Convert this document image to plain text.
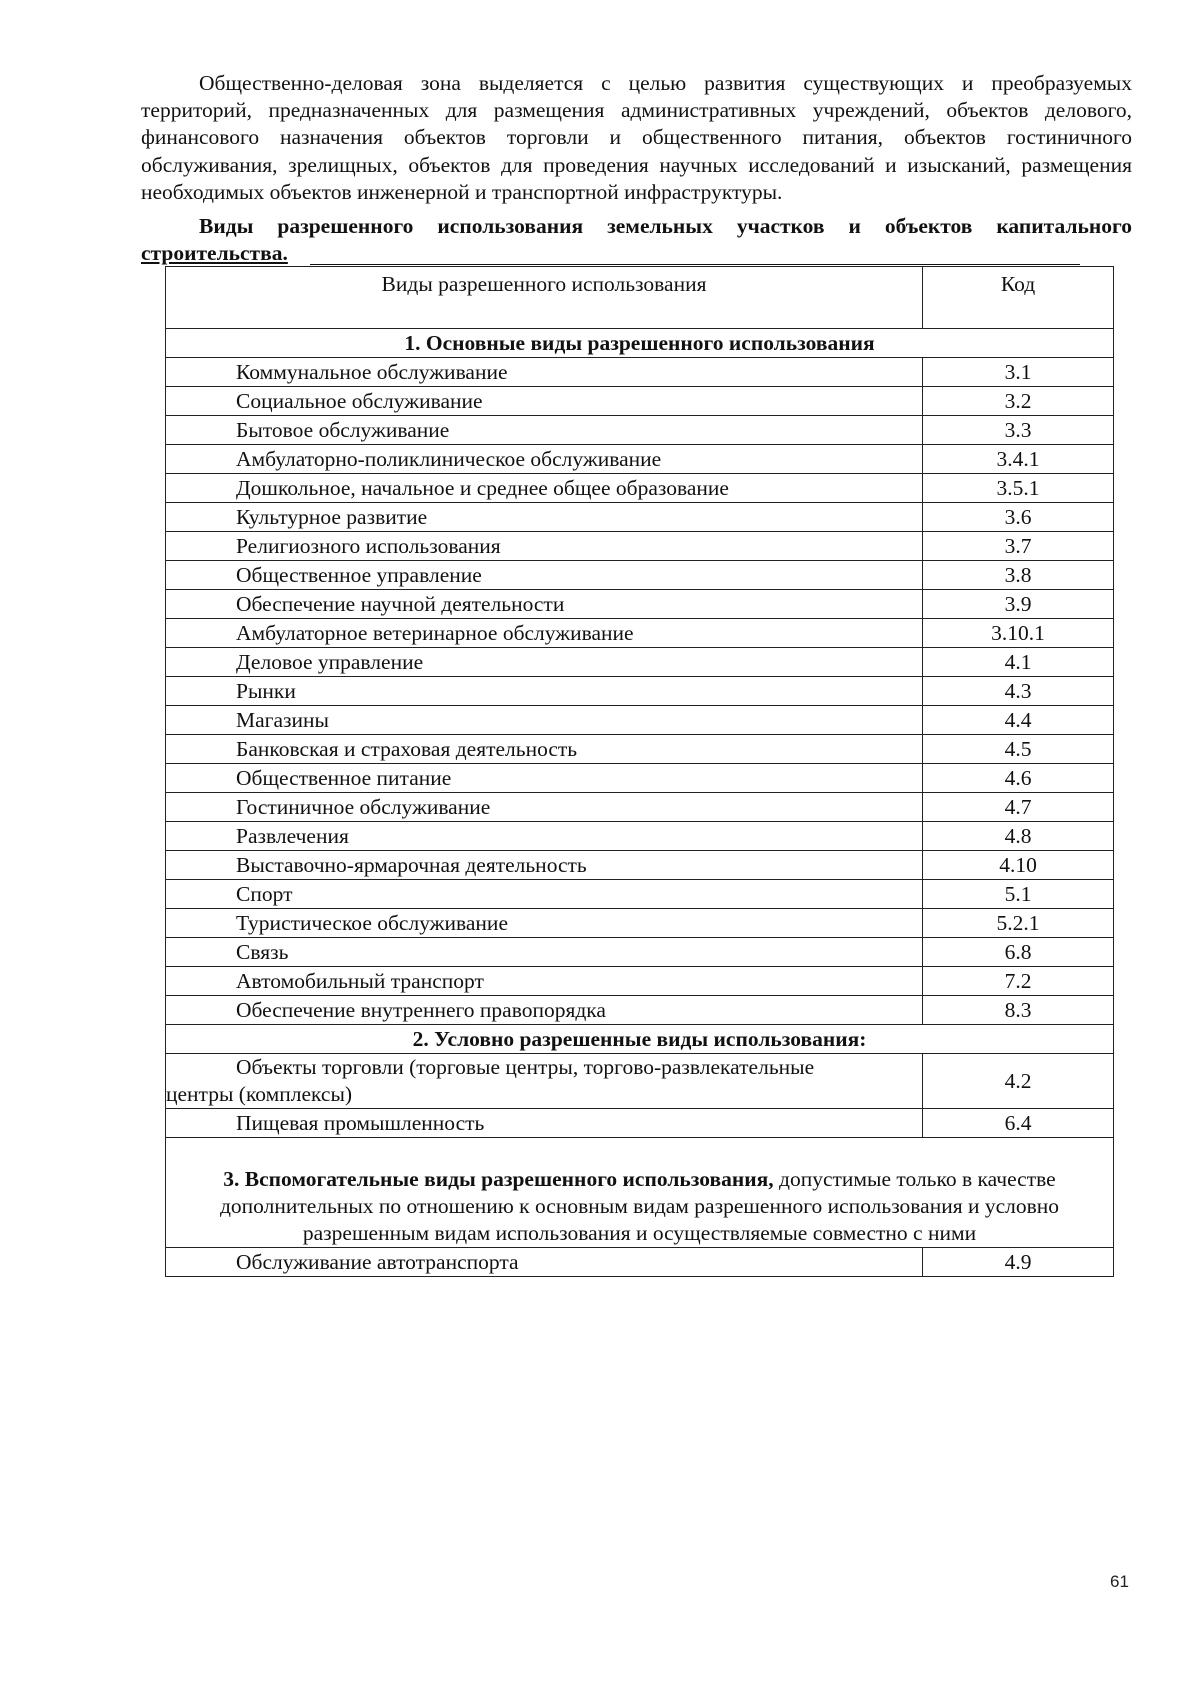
Общественно-деловая зона выделяется с целью развития существующих и преобразуемых территорий, предназначенных для размещения административных учреждений, объектов делового, финансового назначения объектов торговли и общественного питания, объектов гостиничного обслуживания, зрелищных, объектов для проведения научных исследований и изысканий, размещения необходимых объектов инженерной и транспортной инфраструктуры.

Виды разрешенного использования земельных участков и объектов капитального строительства.

Виды разрешенного использования	Код
1. Основные виды разрешенного использования	
Коммунальное обслуживание	3.1
Социальное обслуживание	3.2
Бытовое обслуживание	3.3
Амбулаторно-поликлиническое обслуживание	3.4.1
Дошкольное, начальное и среднее общее образование	3.5.1
Культурное развитие	3.6
Религиозного использования	3.7
Общественное управление	3.8
Обеспечение научной деятельности	3.9
Амбулаторное ветеринарное обслуживание	3.10.1
Деловое управление	4.1
Рынки	4.3
Магазины	4.4
Банковская и страховая деятельность	4.5
Общественное питание	4.6
Гостиничное обслуживание	4.7
Развлечения	4.8
Выставочно-ярмарочная деятельность	4.10
Спорт	5.1
Туристическое обслуживание	5.2.1
Связь	6.8
Автомобильный транспорт	7.2
Обеспечение внутреннего правопорядка	8.3
2. Условно разрешенные виды использования:	

Объекты торговли (торговые центры, торгово-развлекательные
центры (комплексы)	4.2
Пищевая промышленность	6.4
3. Вспомогательные виды разрешенного использования, допустимые только в качестве дополнительных по отношению к основным видам разрешенного использования и условно разрешенным видам использования и осуществляемые совместно с ними	
Обслуживание автотранспорта	4.9
61
